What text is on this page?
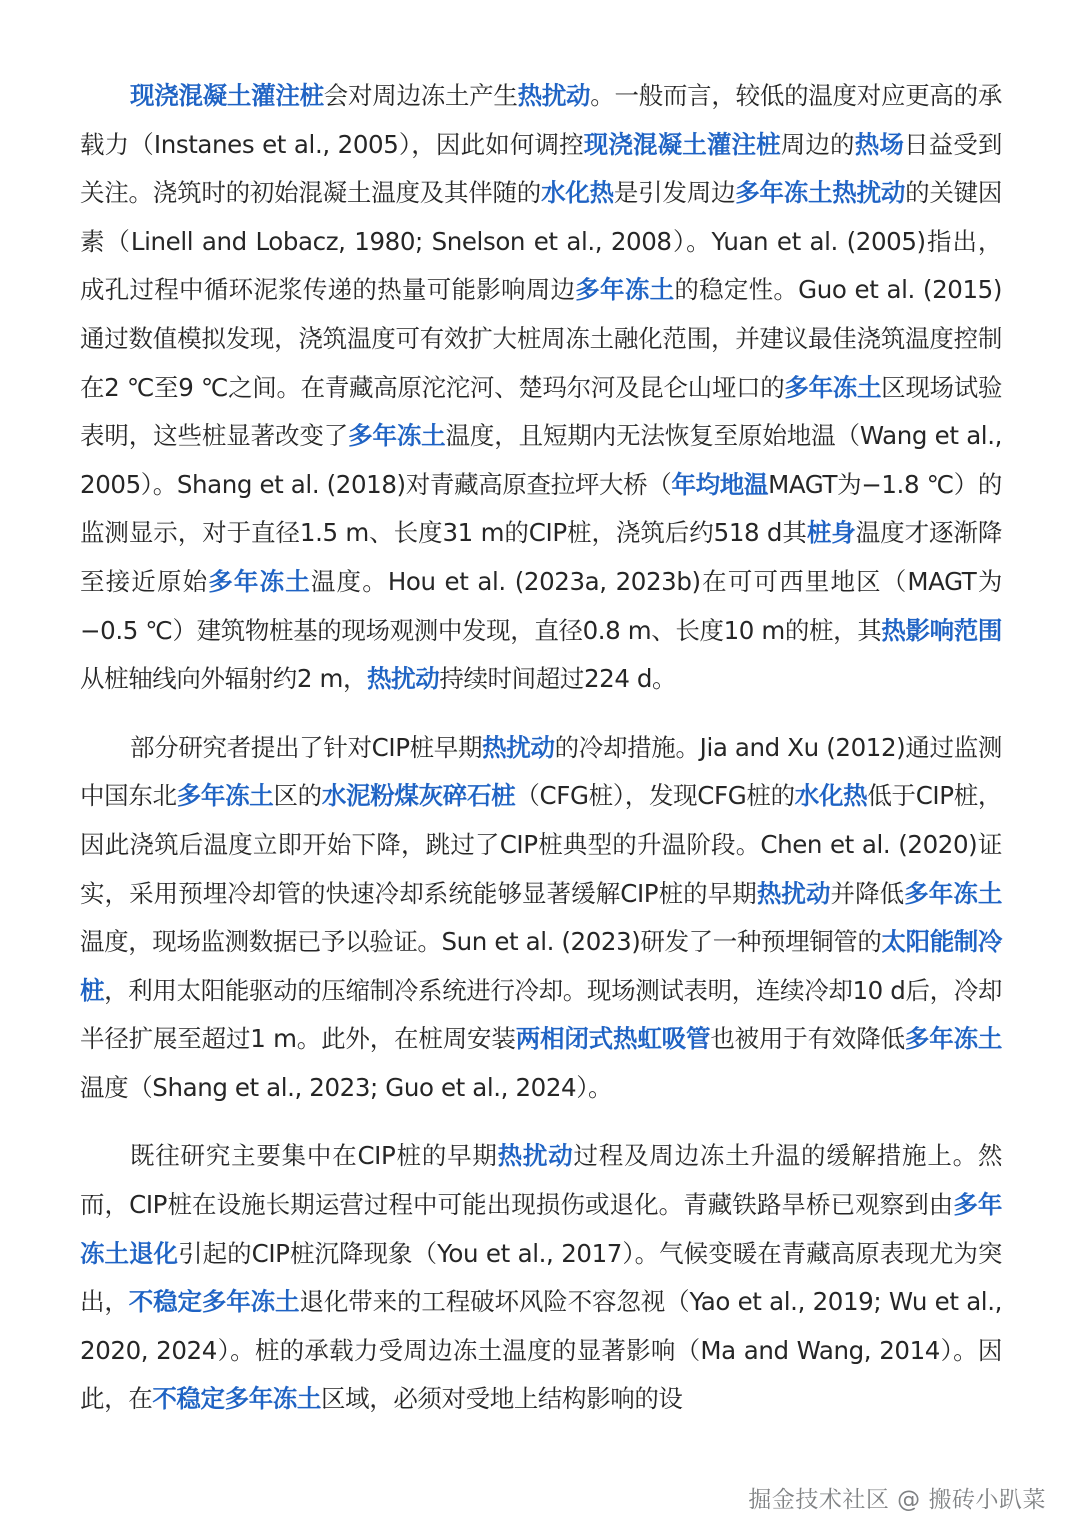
现浇混凝土灌注桩会对周边冻土产生热扰动。一般而言，较低的温度对应更高的承载力（Instanes et al., 2005），因此如何调控现浇混凝土灌注桩周边的热场日益受到关注。浇筑时的初始混凝土温度及其伴随的水化热是引发周边多年冻土热扰动的关键因素（Linell and Lobacz, 1980; Snelson et al., 2008）。Yuan et al. (2005)指出，成孔过程中循环泥浆传递的热量可能影响周边多年冻土的稳定性。Guo et al. (2015)通过数值模拟发现，浇筑温度可有效扩大桩周冻土融化范围，并建议最佳浇筑温度控制在2 ℃至9 ℃之间。在青藏高原沱沱河、楚玛尔河及昆仑山垭口的多年冻土区现场试验表明，这些桩显著改变了多年冻土温度，且短期内无法恢复至原始地温（Wang et al., 2005）。Shang et al. (2018)对青藏高原查拉坪大桥（年均地温MAGT为−1.8 ℃）的监测显示，对于直径1.5 m、长度31 m的CIP桩，浇筑后约518 d其桩身温度才逐渐降至接近原始多年冻土温度。Hou et al. (2023a, 2023b)在可可西里地区（MAGT为−0.5 ℃）建筑物桩基的现场观测中发现，直径0.8 m、长度10 m的桩，其热影响范围从桩轴线向外辐射约2 m，热扰动持续时间超过224 d。

部分研究者提出了针对CIP桩早期热扰动的冷却措施。Jia and Xu (2012)通过监测中国东北多年冻土区的水泥粉煤灰碎石桩（CFG桩），发现CFG桩的水化热低于CIP桩，因此浇筑后温度立即开始下降，跳过了CIP桩典型的升温阶段。Chen et al. (2020)证实，采用预埋冷却管的快速冷却系统能够显著缓解CIP桩的早期热扰动并降低多年冻土温度，现场监测数据已予以验证。Sun et al. (2023)研发了一种预埋铜管的太阳能制冷桩，利用太阳能驱动的压缩制冷系统进行冷却。现场测试表明，连续冷却10 d后，冷却半径扩展至超过1 m。此外，在桩周安装两相闭式热虹吸管也被用于有效降低多年冻土温度（Shang et al., 2023; Guo et al., 2024）。

既往研究主要集中在CIP桩的早期热扰动过程及周边冻土升温的缓解措施上。然而，CIP桩在设施长期运营过程中可能出现损伤或退化。青藏铁路旱桥已观察到由多年冻土退化引起的CIP桩沉降现象（You et al., 2017）。气候变暖在青藏高原表现尤为突出，不稳定多年冻土退化带来的工程破坏风险不容忽视（Yao et al., 2019; Wu et al., 2020, 2024）。桩的承载力受周边冻土温度的显著影响（Ma and Wang, 2014）。因此，在不稳定多年冻土区域，必须对受地上结构影响的设

掘金技术社区 @ 搬砖小趴菜
